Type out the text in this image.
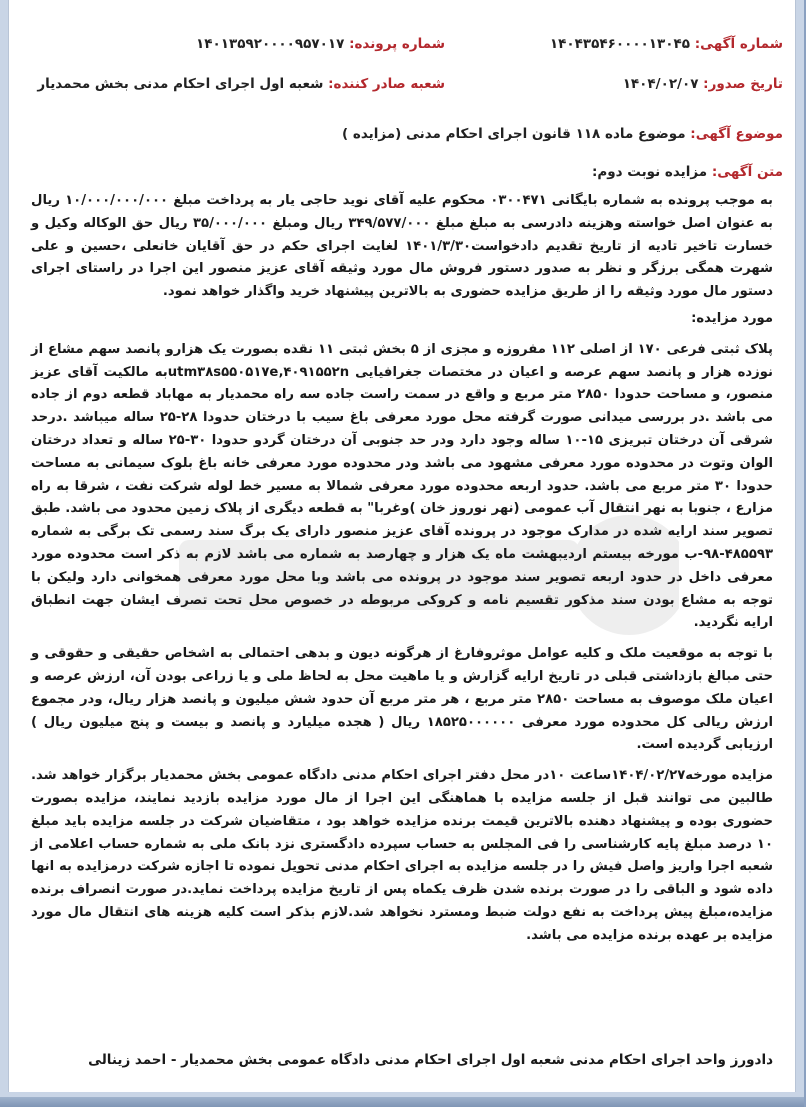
شماره آگهی: ۱۴۰۴۳۵۴۶۰۰۰۰۱۳۰۴۵
شماره پرونده: ۱۴۰۱۳۵۹۲۰۰۰۰۹۵۷۰۱۷
تاریخ صدور: ۱۴۰۴/۰۲/۰۷
شعبه صادر کننده: شعبه اول اجرای احکام مدنی بخش محمدیار
موضوع آگهی: موضوع ماده ۱۱۸ قانون اجرای احکام مدنی (مزایده )
متن آگهی: مزایده نوبت دوم:

به موجب پرونده به شماره بایگانی ۰۳۰۰۴۷۱ محکوم علیه آقای نوید حاجی یار به پرداخت مبلغ ۱۰/۰۰۰/۰۰۰/۰۰۰ ریال به عنوان اصل خواسته وهزینه دادرسی به مبلغ مبلغ ۳۴۹/۵۷۷/۰۰۰ ریال ومبلغ ۳۵/۰۰۰/۰۰۰ ریال حق الوکاله وکیل و خسارت تاخیر تادیه از تاریخ تقدیم دادخواست۱۴۰۱/۳/۳۰ لغایت اجرای حکم در حق آقایان خانعلی ،حسین و علی شهرت همگی برزگر و نظر به صدور دستور فروش مال مورد وثیقه آقای عزیز منصور این اجرا در راستای اجرای دستور مال مورد وثیقه را از طریق مزایده حضوری به بالاترین پیشنهاد خرید واگذار خواهد نمود.

مورد مزایده:

پلاک ثبتی فرعی ۱۷۰ از اصلی ۱۱۲ مفروزه و مجزی از ۵ بخش ثبتی ۱۱ نقده بصورت یک هزارو پانصد سهم مشاع از نوزده هزار و پانصد سهم عرصه و اعیان در مختصات جغرافیایی utm۳۸s۵۵۰۵۱۷e‚۴۰۹۱۵۵۲nبه مالکیت آقای عزیز منصور، و مساحت حدودا ۲۸۵۰ متر مربع و واقع در سمت راست جاده سه راه محمدیار به مهاباد قطعه دوم از جاده می باشد .در بررسی میدانی صورت گرفته محل مورد معرفی باغ سیب با درختان حدودا ۲۸-۲۵ ساله میباشد .درحد شرقی آن درختان تبریزی ۱۵-۱۰ ساله وجود دارد ودر حد جنوبی آن درختان گردو حدودا ۳۰-۲۵ ساله و تعداد درختان الوان وتوت در محدوده مورد معرفی مشهود می باشد ودر محدوده مورد معرفی خانه باغ بلوک سیمانی به مساحت حدودا ۳۰ متر مربع می باشد. حدود اربعه محدوده مورد معرفی شمالا به مسیر خط لوله شرکت نفت ، شرقا به راه مزارع ، جنوبا به نهر انتقال آب عمومی (نهر نوروز خان )وغربا" به قطعه دیگری از پلاک زمین محدود می باشد. طبق تصویر سند ارایه شده در مدارک موجود در پرونده آقای عزیز منصور دارای یک برگ سند رسمی تک برگی به شماره ۴۸۵۵۹۳-۹۸-ب مورخه بیستم اردیبهشت ماه یک هزار و چهارصد به شماره می باشد لازم به ذکر است محدوده مورد معرفی داخل در حدود اربعه تصویر سند موجود در پرونده می باشد وبا محل مورد معرفی همخوانی دارد ولیکن با توجه به مشاع بودن سند مذکور تقسیم نامه و کروکی مربوطه در خصوص محل تحت تصرف ایشان جهت انطباق ارایه نگردید.

با توجه به موقعیت ملک و کلیه عوامل موثروفارغ از هرگونه دیون و بدهی احتمالی به اشخاص حقیقی و حقوقی و حتی مبالغ بازداشتی قبلی در تاریخ ارایه گزارش و یا ماهیت محل به لحاظ ملی و یا زراعی بودن آن، ارزش عرصه و اعیان ملک موصوف به مساحت ۲۸۵۰ متر مربع ، هر متر مربع آن حدود شش میلیون و پانصد هزار ریال، ودر مجموع ارزش ریالی کل محدوده مورد معرفی ۱۸۵۲۵۰۰۰۰۰۰ ریال ( هجده میلیارد و پانصد و بیست و پنج میلیون ریال ) ارزیابی گردیده است.

مزایده مورخه۱۴۰۴/۰۲/۲۷ساعت ۱۰در محل دفتر اجرای احکام مدنی دادگاه عمومی بخش محمدیار برگزار خواهد شد. طالبین می توانند قبل از جلسه مزایده با هماهنگی این اجرا از مال مورد مزایده بازدید نمایند، مزایده بصورت حضوری بوده و پیشنهاد دهنده بالاترین قیمت برنده مزایده خواهد بود ، متقاضیان شرکت در جلسه مزایده باید مبلغ ۱۰ درصد مبلغ پایه کارشناسی را فی المجلس به حساب سپرده دادگستری نزد بانک ملی به شماره حساب اعلامی از شعبه اجرا واریز واصل فیش را در جلسه مزایده به اجرای احکام مدنی تحویل نموده تا اجازه شرکت درمزایده به انها داده شود و الباقی را در صورت برنده شدن ظرف یکماه پس از تاریخ مزایده پرداخت نماید.در صورت انصراف برنده مزایده،مبلغ پیش پرداخت به نفع دولت ضبط ومسترد نخواهد شد.لازم بذکر است کلیه هزینه های انتقال مال مورد مزایده بر عهده برنده مزایده می باشد.

دادورز واحد اجرای احکام مدنی شعبه اول اجرای احکام مدنی دادگاه عمومی بخش محمدیار - احمد زینالی
